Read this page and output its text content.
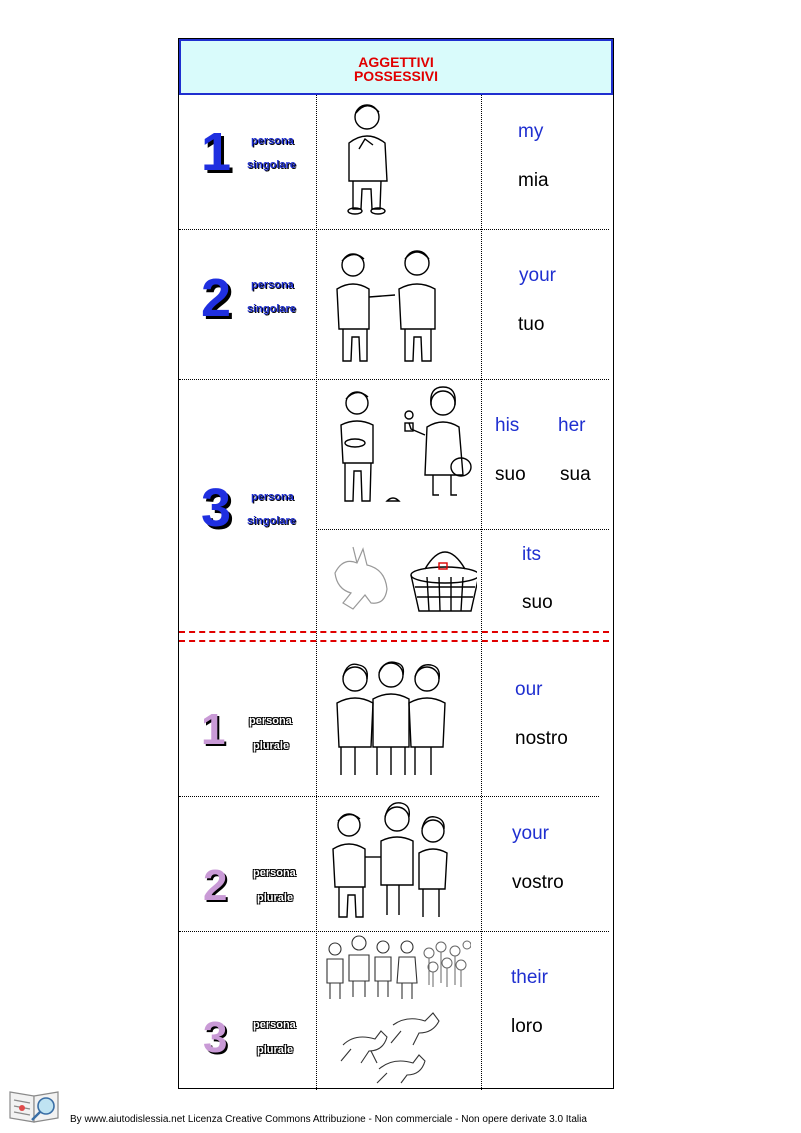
AGGETTIVI
POSSESSIVI
1 persona
singolare
my
mia
2 persona
singolare
your
tuo
3 persona
singolare
his her
suo sua
its
suo
1 persona
plurale
our
nostro
2 persona
plurale
your
vostro
3 persona
plurale
their
loro
By www.aiutodislessia.net Licenza Creative Commons Attribuzione - Non commerciale - Non opere derivate 3.0 Italia
